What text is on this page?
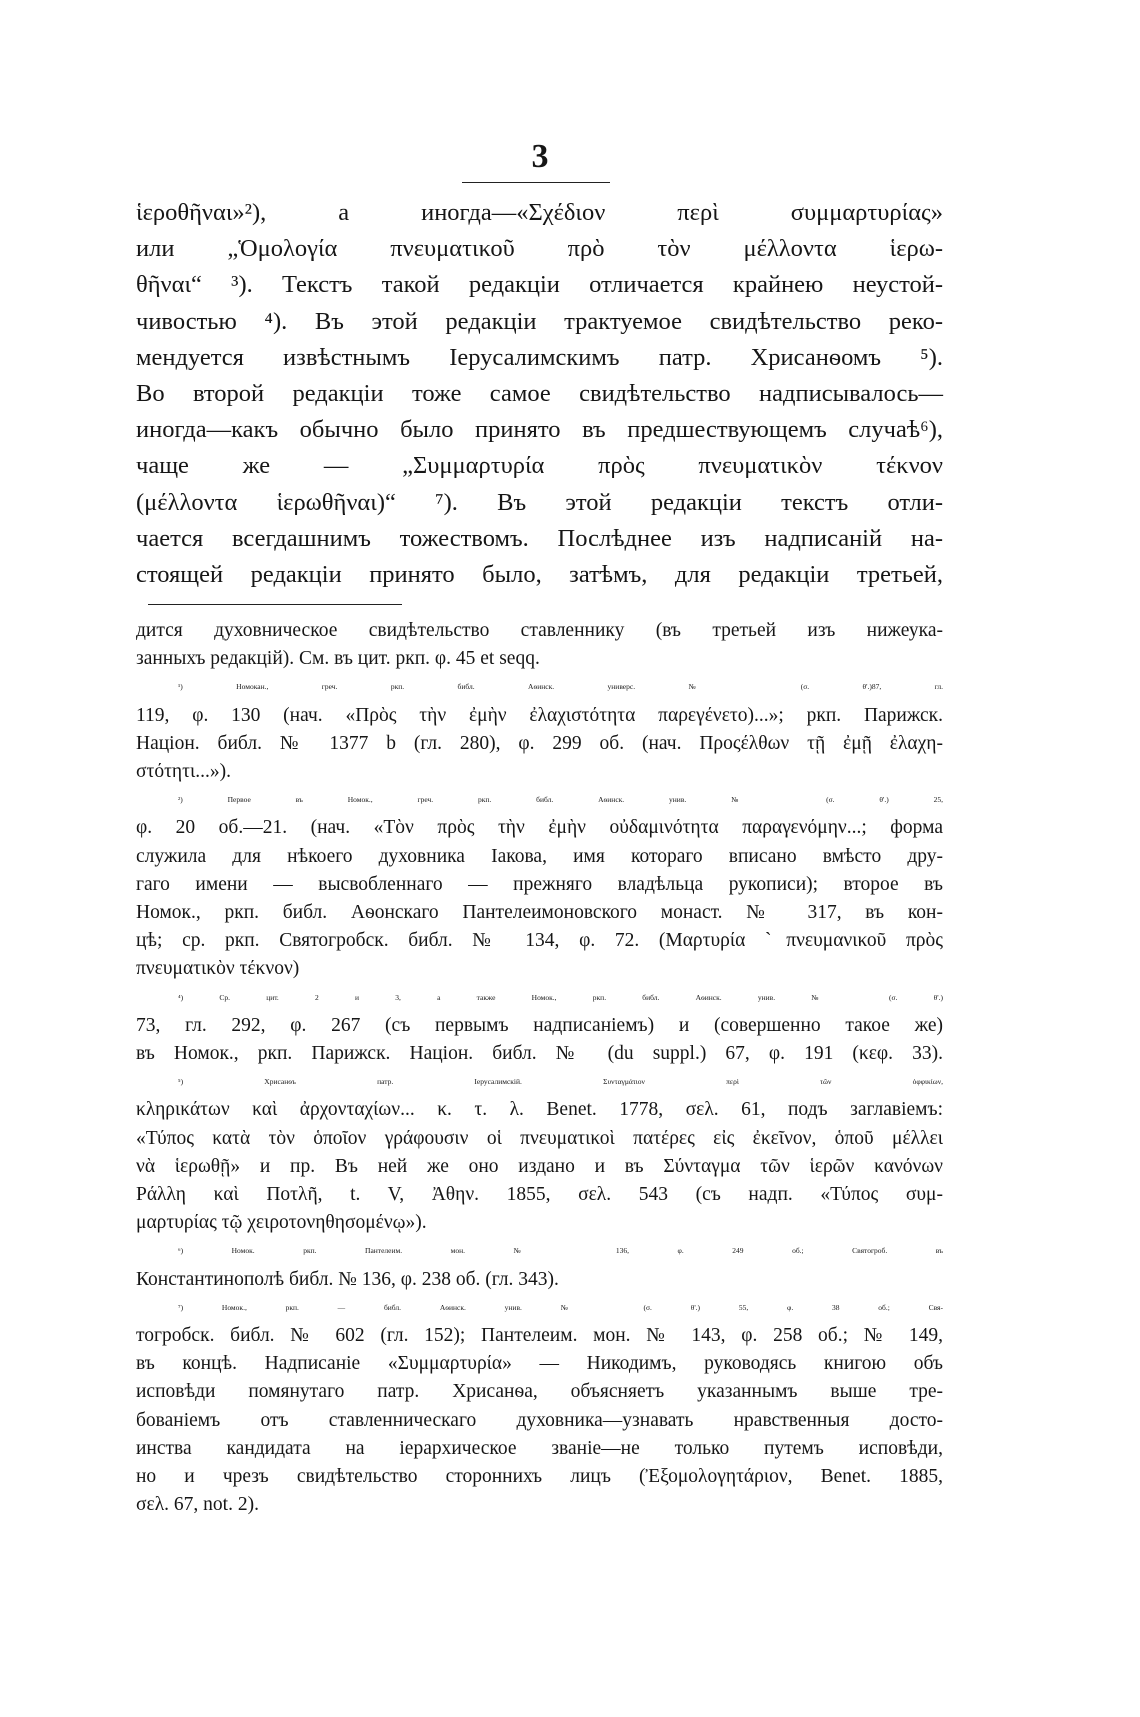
3
ἱεροθῆναι»²), а иногда—«Σχέδιον περὶ συμμαρτυρίας»
или „Ὁμολογία πνευματικοῦ πρὸ τὸν μέλλοντα ἱερω-
θῆναι“ ³). Текстъ такой редакціи отличается крайнею неустой-
чивостью ⁴). Въ этой редакціи трактуемое свидѣтельство реко-
мендуется извѣстнымъ Іерусалимскимъ патр. Хрисанѳомъ ⁵).
Во второй редакціи тоже самое свидѣтельство надписывалось—
иногда—какъ обычно было принято въ предшествующемъ случаѣ⁶),
чаще же — „Συμμαρτυρία πρὸς πνευματικὸν τέκνον
(μέλλοντα ἱερωθῆναι)“ ⁷). Въ этой редакціи текстъ отли-
чается всегдашнимъ тожествомъ. Послѣднее изъ надписаній на-
стоящей редакціи принято было, затѣмъ, для редакціи третьей,
дится духовническое свидѣтельство ставленнику (въ третьей изъ нижеука-
занныхъ редакцій). См. въ цит. ркп. φ. 45 et seqq.
¹) Номокан., греч. ркп. библ. Аѳинск. универс. № (σ. θ'.)87, гл.
119, φ. 130 (нач. «Πρὸς τὴν ἐμὴν ἐλαχιστότητα παρεγένετο)...»; ркп. Парижск.
Націон. библ. № 1377 b (гл. 280), φ. 299 об. (нач. Προςέλθων τῇ ἐμῇ ἐλαχη-
στότητι...»).
²) Первое въ Номок., греч. ркп. библ. Аѳинск. унив. № (σ. θ'.) 25,
φ. 20 об.—21. (нач. «Τὸν πρὸς τὴν ἐμὴν οὐδαμινότητα παραγενόμην...; форма
служила для нѣкоего духовника Іакова, имя котораго вписано вмѣсто дру-
гаго имени — высвобленнаго — прежняго владѣльца рукописи); второе въ
Номок., ркп. библ. Аѳонскаго Пантелеимоновского монаст. № 317, въ кон-
цѣ; ср. ркп. Святогробск. библ. № 134, φ. 72. (Μαρτυρία ˋπνευμανικοῦ πρὸς
πνευματικὸν τέκνον)
⁴) Ср. цит. 2 и 3, а также Номок., ркп. библ. Аѳинск. унив. № (σ. θ'.)
73, гл. 292, φ. 267 (съ первымъ надписаніемъ) и (совершенно такое же)
въ Номок., ркп. Парижск. Націон. библ. № (du suppl.) 67, φ. 191 (κεφ. 33).
⁵) Хрисанѳъ патр. Іерусалимскій. Συνταγμάτιον περὶ τῶν ὀφφικίων,
κληρικάτων καὶ ἀρχονταχίων... κ. τ. λ. Benet. 1778, σελ. 61, подъ заглавіемъ:
«Τύπος κατὰ τὸν ὁποῖον γράφουσιν οἱ πνευματικοὶ πατέρες εἰς ἐκεῖνον, ὁποῦ μέλλει
νὰ ἱερωθῇ» и пр. Въ ней же оно издано и въ Σύνταγμα τῶν ἱερῶν κανόνων
Ράλλη καὶ Ποτλῆ, t. V, Ἀθην. 1855, σελ. 543 (съ надп. «Τύπος συμ-
μαρτυρίας τῷ χειροτονηθησομένῳ»).
⁶) Номок. ркп. Пантелеим. мон. № 136, φ. 249 об.; Святогроб. въ
Константинополѣ библ. № 136, φ. 238 об. (гл. 343).
⁷) Номок., ркп. — библ. Аѳинск. унив. № (σ. θ'.) 55, φ. 38 об.; Свя-
тогробск. библ. № 602 (гл. 152); Пантелеим. мон. № 143, φ. 258 об.; № 149,
въ концѣ. Надписаніе «Συμμαρτυρία» — Никодимъ, руководясь книгою объ
исповѣди помянутаго патр. Хрисанѳа, объясняетъ указаннымъ выше тре-
бованіемъ отъ ставленническаго духовника—узнавать нравственныя досто-
инства кандидата на іерархическое званіе—не только путемъ исповѣди,
но и чрезъ свидѣтельство стороннихъ лицъ (Ἐξομολογητάριον, Benet. 1885,
σελ. 67, not. 2).
